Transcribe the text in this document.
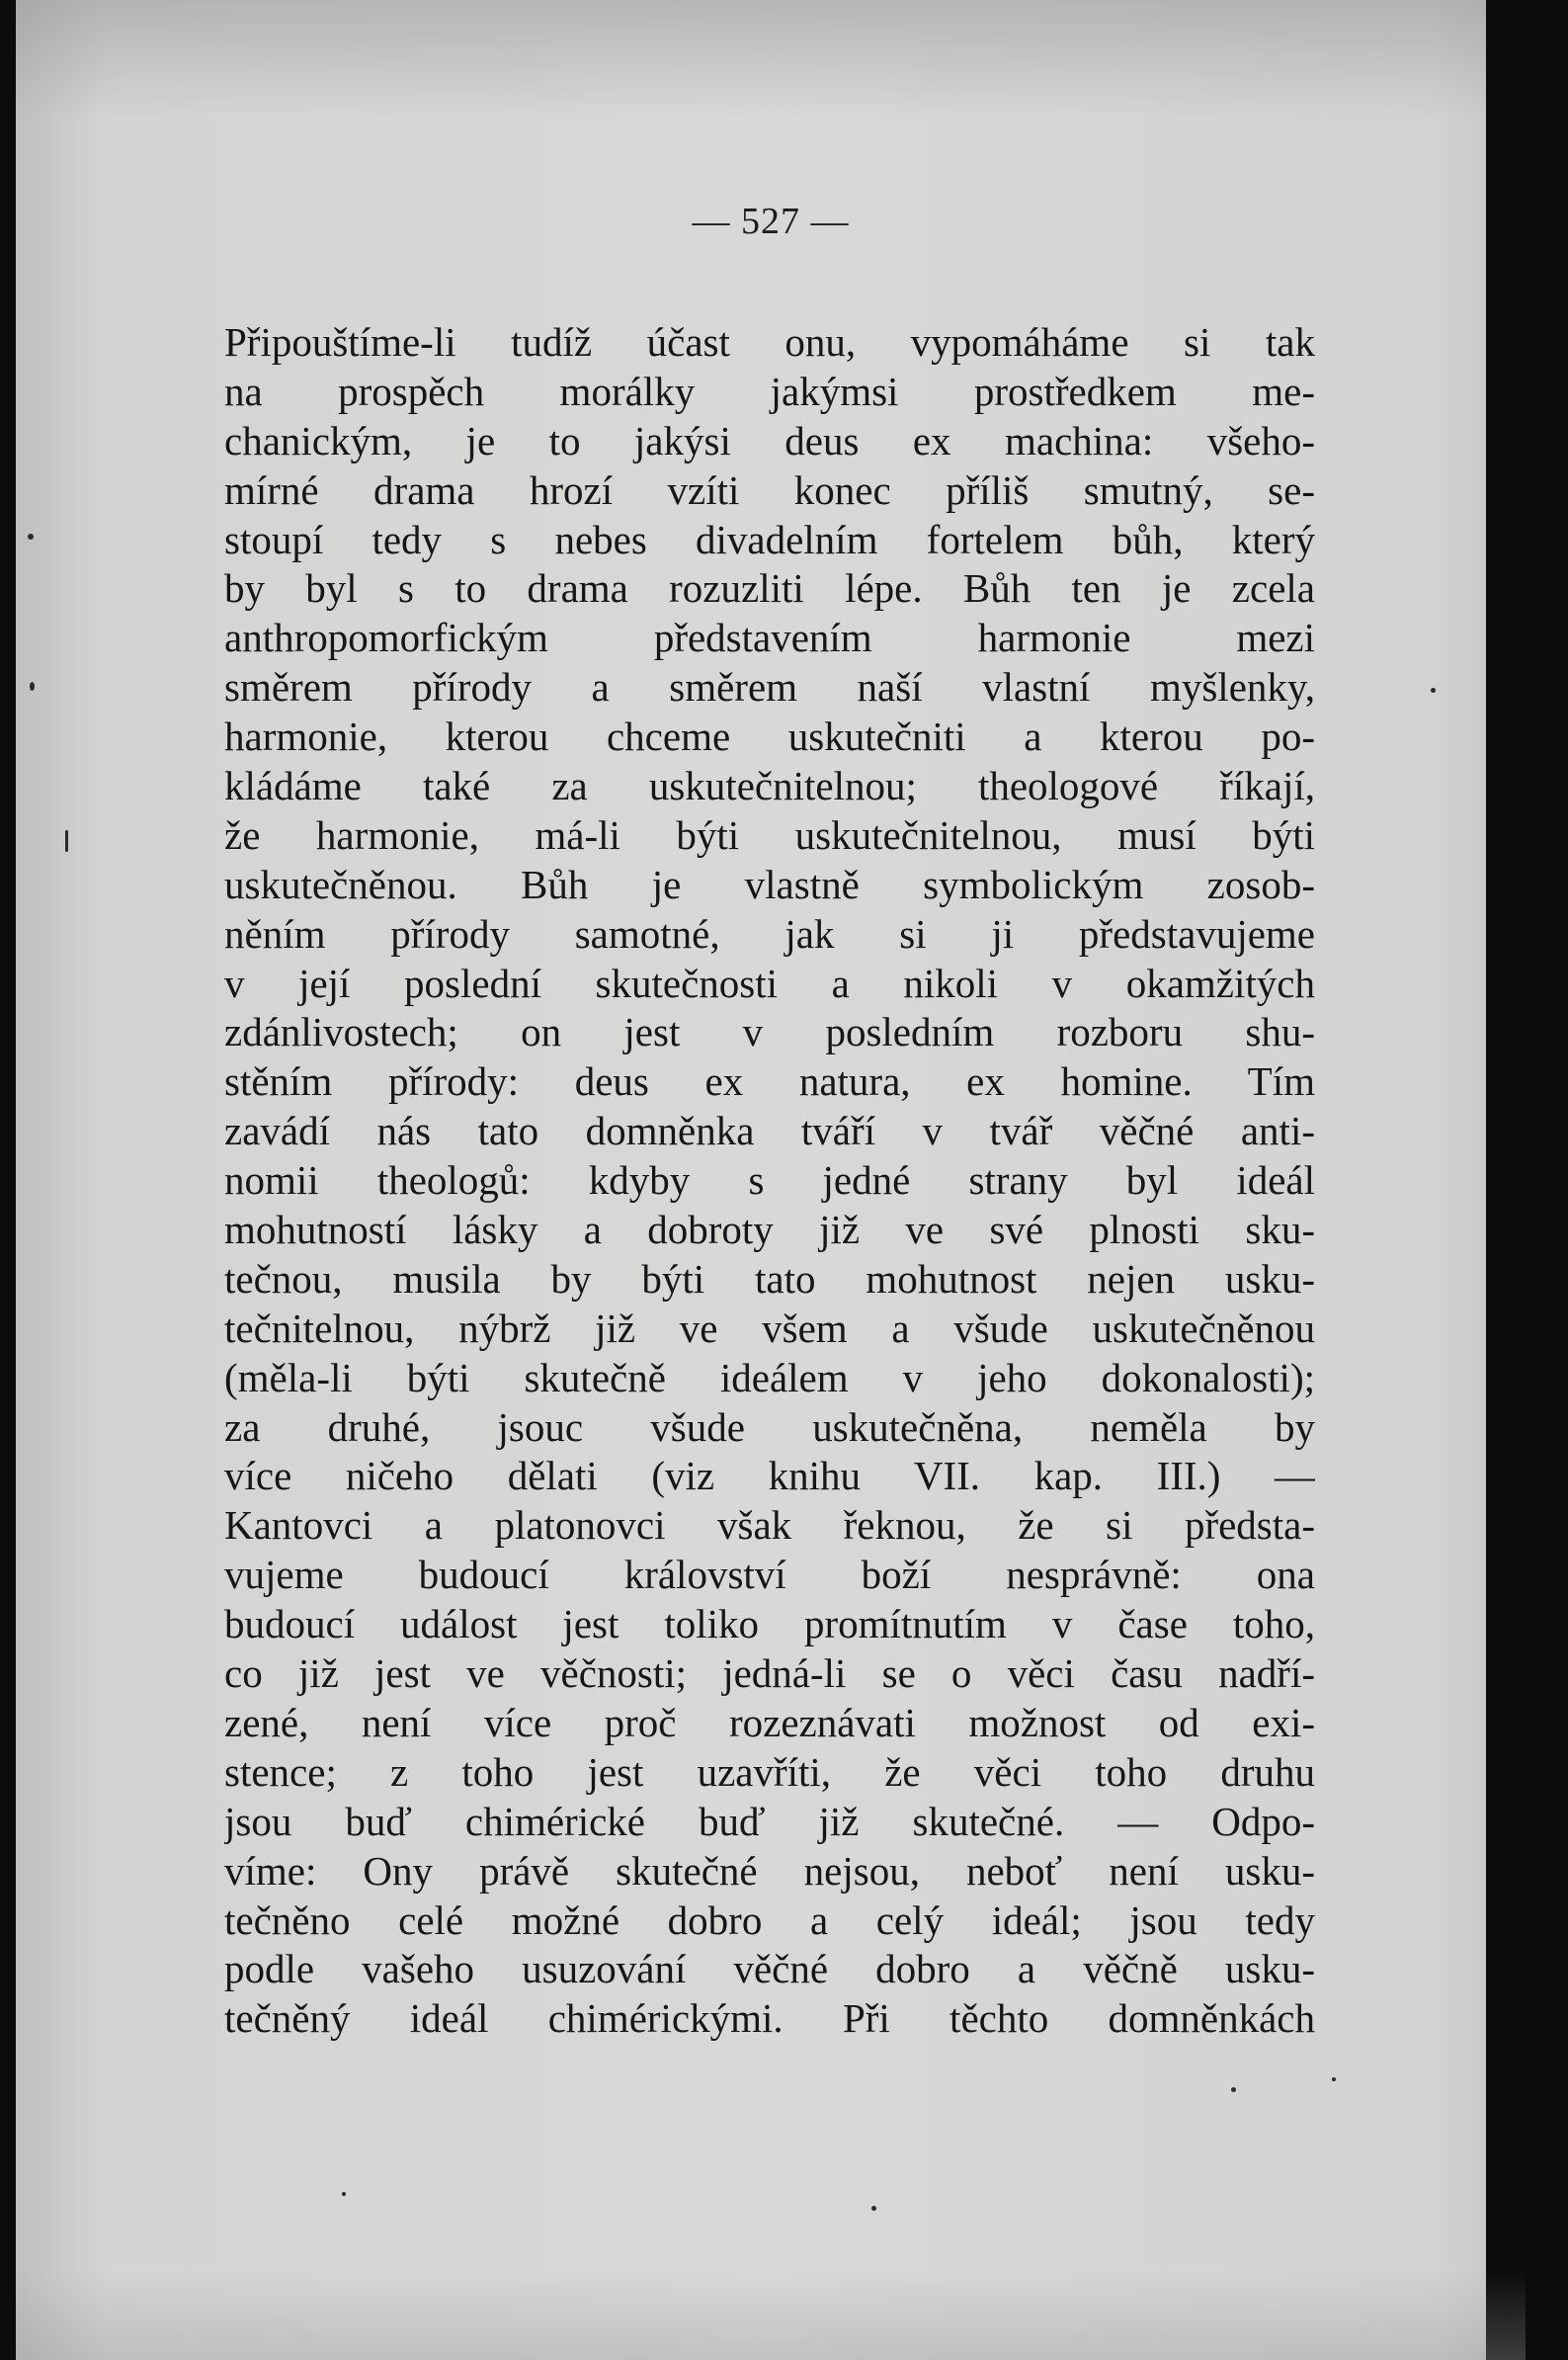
— 527 —
Připouštíme-li tudíž účast onu, vypomáháme si tak
na prospěch morálky jakýmsi prostředkem me-
chanickým, je to jakýsi deus ex machina: všeho-
mírné drama hrozí vzíti konec příliš smutný, se-
stoupí tedy s nebes divadelním fortelem bůh, který
by byl s to drama rozuzliti lépe. Bůh ten je zcela
anthropomorfickým představením harmonie mezi
směrem přírody a směrem naší vlastní myšlenky,
harmonie, kterou chceme uskutečniti a kterou po-
kládáme také za uskutečnitelnou; theologové říkají,
že harmonie, má-li býti uskutečnitelnou, musí býti
uskutečněnou. Bůh je vlastně symbolickým zosob-
něním přírody samotné, jak si ji představujeme
v její poslední skutečnosti a nikoli v okamžitých
zdánlivostech; on jest v posledním rozboru shu-
stěním přírody: deus ex natura, ex homine. Tím
zavádí nás tato domněnka tváří v tvář věčné anti-
nomii theologů: kdyby s jedné strany byl ideál
mohutností lásky a dobroty již ve své plnosti sku-
tečnou, musila by býti tato mohutnost nejen usku-
tečnitelnou, nýbrž již ve všem a všude uskutečněnou
(měla-li býti skutečně ideálem v jeho dokonalosti);
za druhé, jsouc všude uskutečněna, neměla by
více ničeho dělati (viz knihu VII. kap. III.) —
Kantovci a platonovci však řeknou, že si předsta-
vujeme budoucí království boží nesprávně: ona
budoucí událost jest toliko promítnutím v čase toho,
co již jest ve věčnosti; jedná-li se o věci času nadří-
zené, není více proč rozeznávati možnost od exi-
stence; z toho jest uzavříti, že věci toho druhu
jsou buď chimérické buď již skutečné. — Odpo-
víme: Ony právě skutečné nejsou, neboť není usku-
tečněno celé možné dobro a celý ideál; jsou tedy
podle vašeho usuzování věčné dobro a věčně usku-
tečněný ideál chimérickými. Při těchto domněnkách
